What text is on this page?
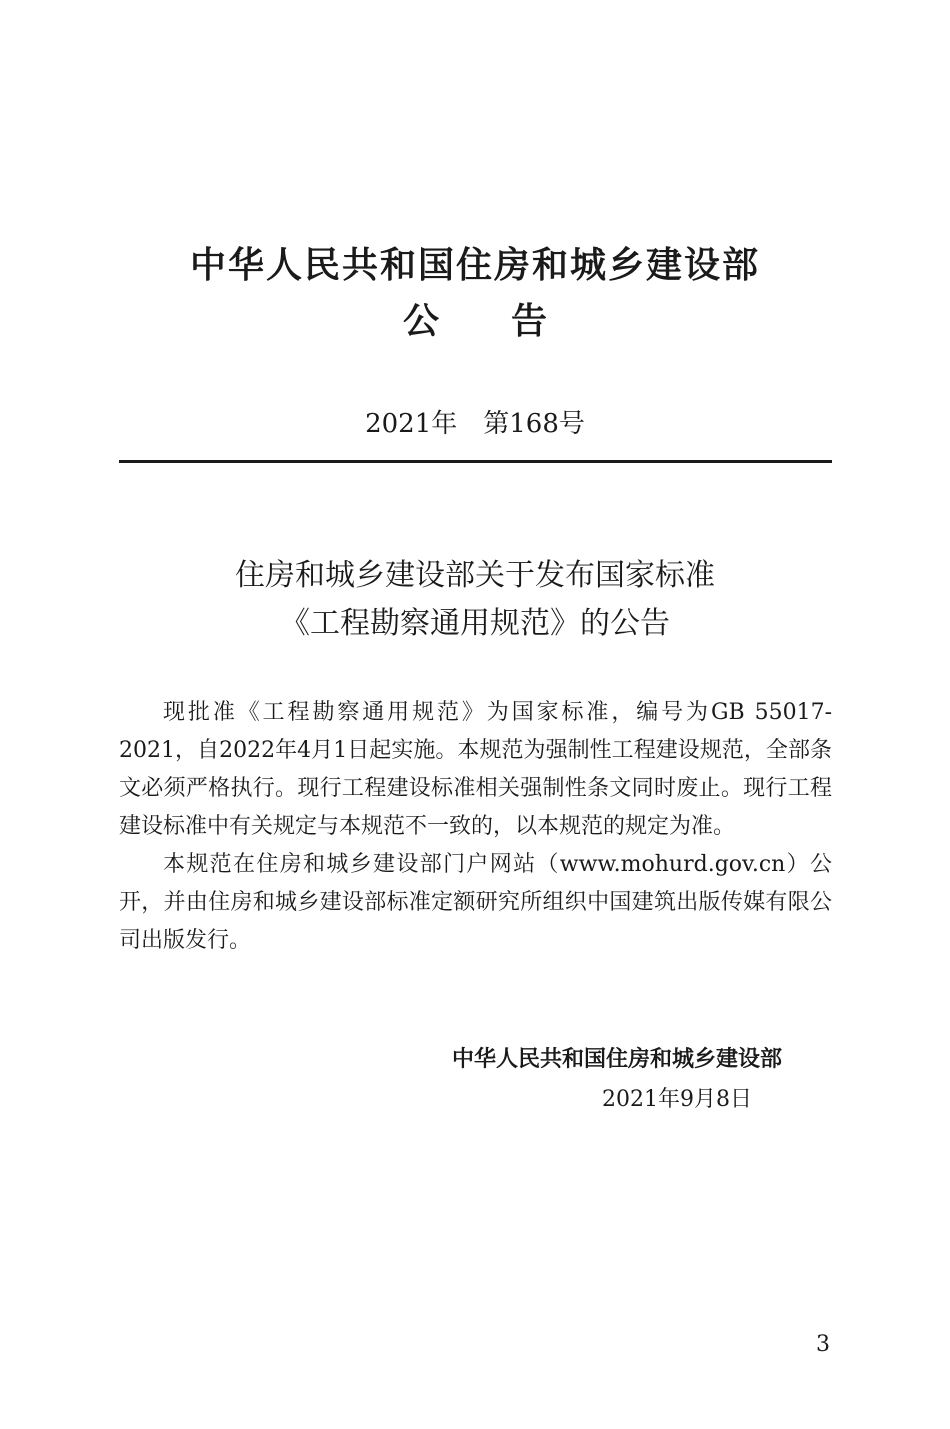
中华人民共和国住房和城乡建设部
公 告
2021年 第168号
住房和城乡建设部关于发布国家标准
《工程勘察通用规范》的公告

现批准《工程勘察通用规范》为国家标准，编号为GB 55017-2021，自2022年4月1日起实施。本规范为强制性工程建设规范，全部条文必须严格执行。现行工程建设标准相关强制性条文同时废止。现行工程建设标准中有关规定与本规范不一致的，以本规范的规定为准。

本规范在住房和城乡建设部门户网站（www.mohurd.gov.cn）公开，并由住房和城乡建设部标准定额研究所组织中国建筑出版传媒有限公司出版发行。

中华人民共和国住房和城乡建设部
2021年9月8日
3
